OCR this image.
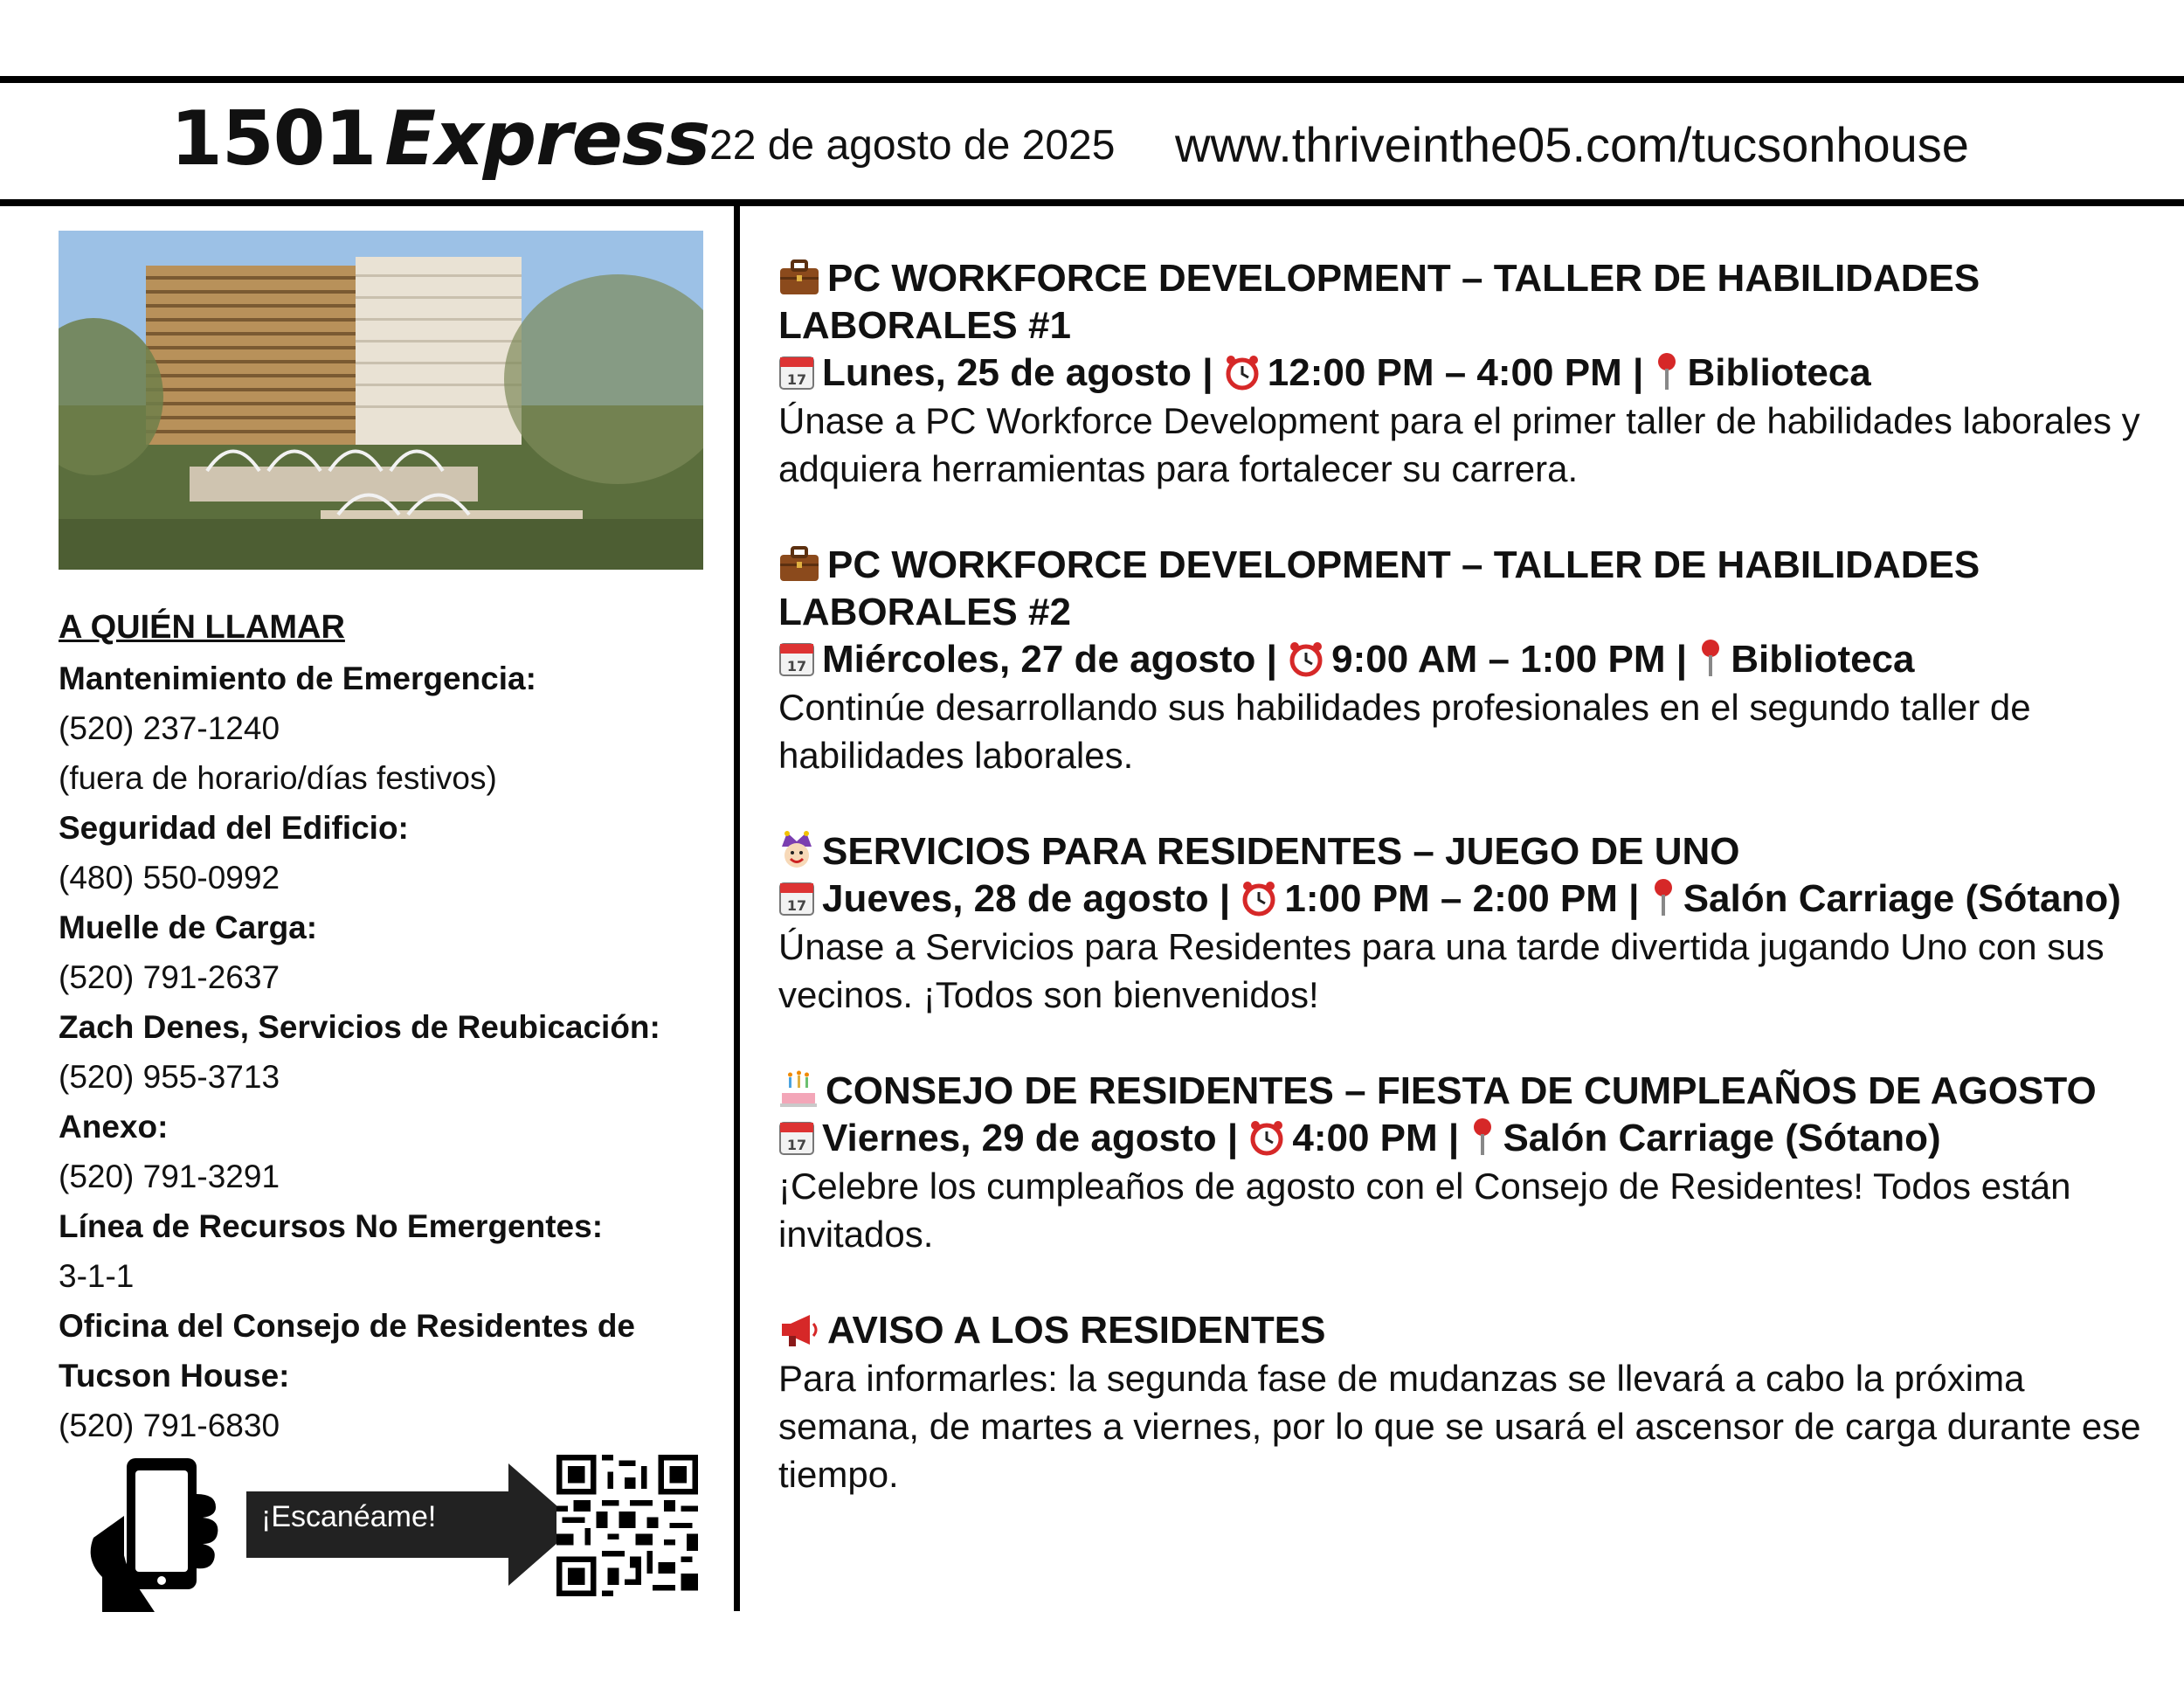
1501 Express 22 de agosto de 2025 www.thriveinthe05.com/tucsonhouse
A QUIÉN LLAMAR
Mantenimiento de Emergencia:
(520) 237-1240
(fuera de horario/días festivos)
Seguridad del Edificio:
(480) 550-0992
Muelle de Carga:
(520) 791-2637
Zach Denes, Servicios de Reubicación:
(520) 955-3713
Anexo:
(520) 791-3291
Línea de Recursos No Emergentes:
3-1-1
Oficina del Consejo de Residentes de Tucson House:
(520) 791-6830
¡Escanéame!
PC WORKFORCE DEVELOPMENT – TALLER DE HABILIDADES LABORALES #1
17 Lunes, 25 de agosto | 12:00 PM – 4:00 PM | Biblioteca
Únase a PC Workforce Development para el primer taller de habilidades laborales y adquiera herramientas para fortalecer su carrera.
PC WORKFORCE DEVELOPMENT – TALLER DE HABILIDADES LABORALES #2
17 Miércoles, 27 de agosto | 9:00 AM – 1:00 PM | Biblioteca
Continúe desarrollando sus habilidades profesionales en el segundo taller de habilidades laborales.
SERVICIOS PARA RESIDENTES – JUEGO DE UNO
17 Jueves, 28 de agosto | 1:00 PM – 2:00 PM | Salón Carriage (Sótano)
Únase a Servicios para Residentes para una tarde divertida jugando Uno con sus vecinos. ¡Todos son bienvenidos!
CONSEJO DE RESIDENTES – FIESTA DE CUMPLEAÑOS DE AGOSTO
17 Viernes, 29 de agosto | 4:00 PM | Salón Carriage (Sótano)
¡Celebre los cumpleaños de agosto con el Consejo de Residentes! Todos están invitados.
AVISO A LOS RESIDENTES
Para informarles: la segunda fase de mudanzas se llevará a cabo la próxima semana, de martes a viernes, por lo que se usará el ascensor de carga durante ese tiempo.
